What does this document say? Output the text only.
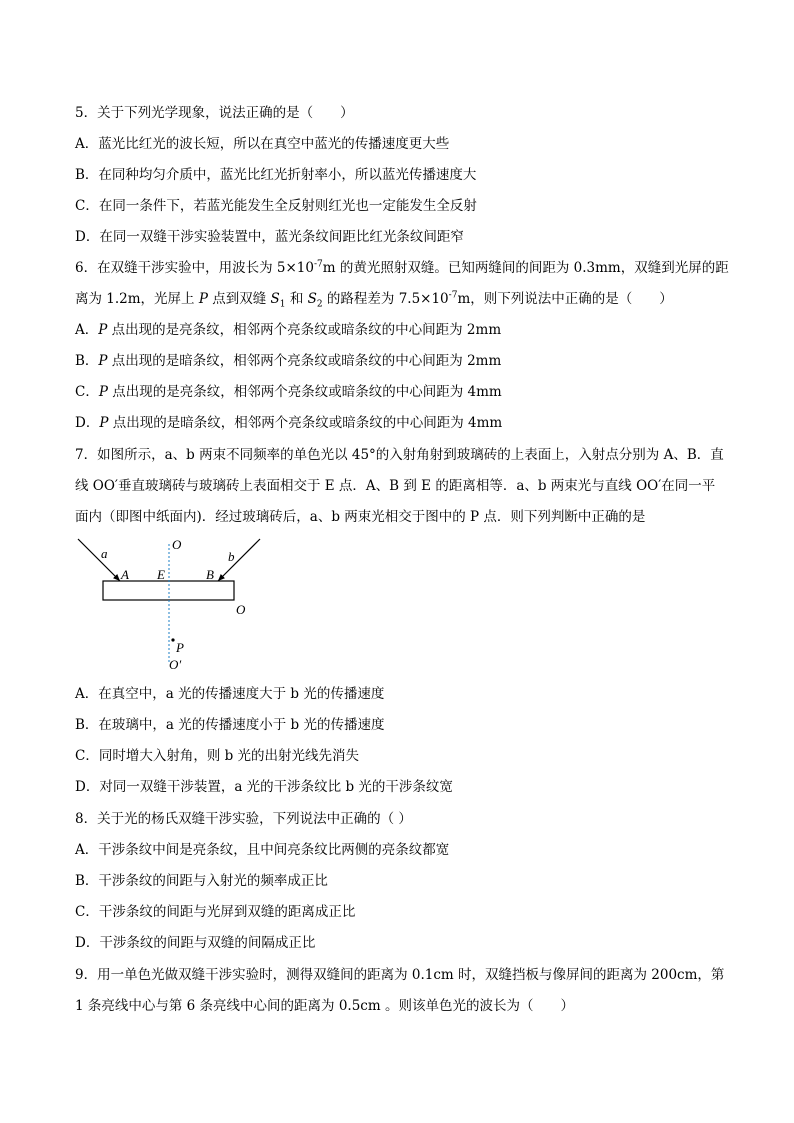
5．关于下列光学现象，说法正确的是（　　）
A．蓝光比红光的波长短，所以在真空中蓝光的传播速度更大些
B．在同种均匀介质中，蓝光比红光折射率小，所以蓝光传播速度大
C．在同一条件下，若蓝光能发生全反射则红光也一定能发生全反射
D．在同一双缝干涉实验装置中，蓝光条纹间距比红光条纹间距窄
6．在双缝干涉实验中，用波长为 $5\times 10^{-7}m$ 的黄光照射双缝。已知两缝间的间距为 0.3mm，双缝到光屏的距
离为 1.2m，光屏上 P 点到双缝 $S_1$ 和 $S_2$ 的路程差为 $7.5\times 10^{-7}m$，则下列说法中正确的是（　　）
A．P 点出现的是亮条纹，相邻两个亮条纹或暗条纹的中心间距为 2mm
B．P 点出现的是暗条纹，相邻两个亮条纹或暗条纹的中心间距为 2mm
C．P 点出现的是亮条纹，相邻两个亮条纹或暗条纹的中心间距为 4mm
D．P 点出现的是暗条纹，相邻两个亮条纹或暗条纹的中心间距为 4mm
7．如图所示，a、b 两束不同频率的单色光以 45°的入射角射到玻璃砖的上表面上，入射点分别为 A、B．直
线 OO′垂直玻璃砖与玻璃砖上表面相交于 E 点．A、B 到 E 的距离相等．a、b 两束光与直线 OO′在同一平
面内（即图中纸面内)．经过玻璃砖后，a、b 两束光相交于图中的 P 点．则下列判断中正确的是
a	b
O
A E	B
O
P
O′
A．在真空中，a 光的传播速度大于 b 光的传播速度
B．在玻璃中，a 光的传播速度小于 b 光的传播速度
C．同时增大入射角，则 b 光的出射光线先消失
D．对同一双缝干涉装置，a 光的干涉条纹比 b 光的干涉条纹宽
8．关于光的杨氏双缝干涉实验，下列说法中正确的（ ）
A．干涉条纹中间是亮条纹，且中间亮条纹比两侧的亮条纹都宽
B．干涉条纹的间距与入射光的频率成正比
C．干涉条纹的间距与光屏到双缝的距离成正比
D．干涉条纹的间距与双缝的间隔成正比
9．用一单色光做双缝干涉实验时，测得双缝间的距离为 0.1cm 时，双缝挡板与像屏间的距离为 200cm，第
1 条亮线中心与第 6 条亮线中心间的距离为 0.5cm 。则该单色光的波长为（　　）
